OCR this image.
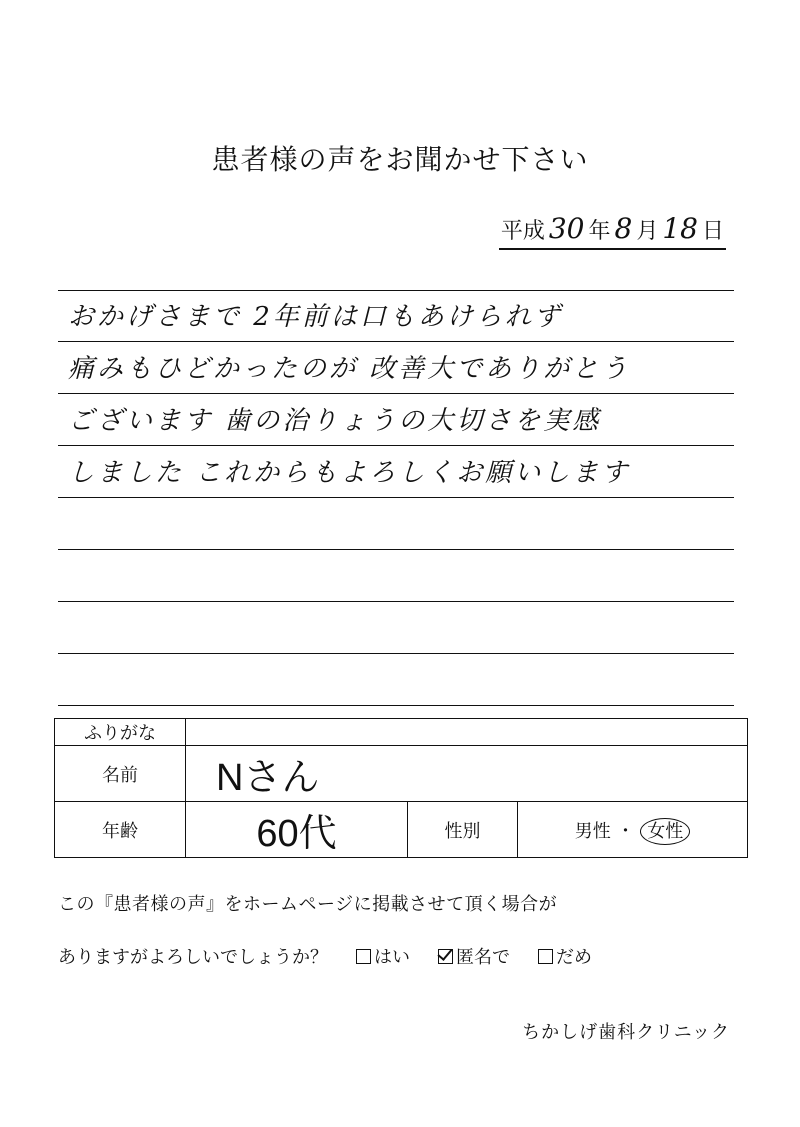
患者様の声をお聞かせ下さい
平成 30 年 8 月 18 日
おかげさまで 2年前は口もあけられず
痛みもひどかったのが 改善大でありがとう
ございます 歯の治りょうの大切さを実感
しました これからもよろしくお願いします
ふりがな			
名前	Nさん		
年齢	60代	性別	男性 ・ 女性
この『患者様の声』をホームページに掲載させて頂く場合が
ありますがよろしいでしょうか？	はい	匿名で	だめ
ちかしげ歯科クリニック
